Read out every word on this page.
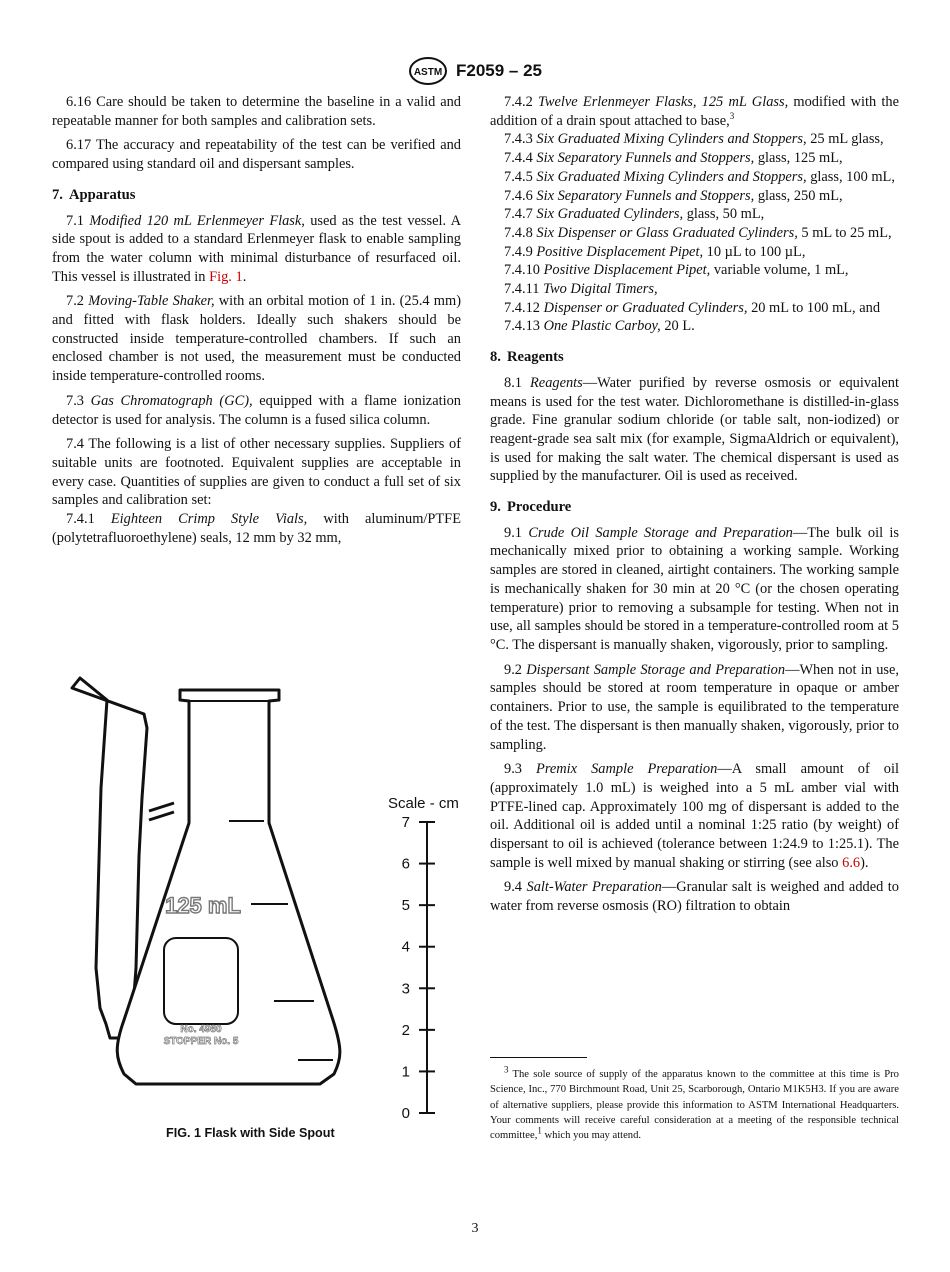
ASTM F2059 – 25

6.16 Care should be taken to determine the baseline in a valid and repeatable manner for both samples and calibration sets.

6.17 The accuracy and repeatability of the test can be verified and compared using standard oil and dispersant samples.

7. Apparatus

7.1 Modified 120 mL Erlenmeyer Flask, used as the test vessel. A side spout is added to a standard Erlenmeyer flask to enable sampling from the water column with minimal disturbance of resurfaced oil. This vessel is illustrated in Fig. 1.

7.2 Moving-Table Shaker, with an orbital motion of 1 in. (25.4 mm) and fitted with flask holders. Ideally such shakers should be constructed inside temperature-controlled chambers. If such an enclosed chamber is not used, the measurement must be conducted inside temperature-controlled rooms.

7.3 Gas Chromatograph (GC), equipped with a flame ionization detector is used for analysis. The column is a fused silica column.

7.4 The following is a list of other necessary supplies. Suppliers of suitable units are footnoted. Equivalent supplies are acceptable in every case. Quantities of supplies are given to conduct a full set of six samples and calibration set:

7.4.1 Eighteen Crimp Style Vials, with aluminum/PTFE (polytetrafluoroethylene) seals, 12 mm by 32 mm,

125 mL
No. 4980
STOPPER No. 5
Scale - cm
7
6
5
4
3
2
1
0
FIG. 1 Flask with Side Spout

7.4.2 Twelve Erlenmeyer Flasks, 125 mL Glass, modified with the addition of a drain spout attached to base,$^3$

7.4.3 Six Graduated Mixing Cylinders and Stoppers, 25 mL glass,

7.4.4 Six Separatory Funnels and Stoppers, glass, 125 mL,

7.4.5 Six Graduated Mixing Cylinders and Stoppers, glass, 100 mL,

7.4.6 Six Separatory Funnels and Stoppers, glass, 250 mL,

7.4.7 Six Graduated Cylinders, glass, 50 mL,

7.4.8 Six Dispenser or Glass Graduated Cylinders, 5 mL to 25 mL,

7.4.9 Positive Displacement Pipet, 10 µL to 100 µL,

7.4.10 Positive Displacement Pipet, variable volume, 1 mL,

7.4.11 Two Digital Timers,

7.4.12 Dispenser or Graduated Cylinders, 20 mL to 100 mL, and

7.4.13 One Plastic Carboy, 20 L.

8. Reagents

8.1 Reagents—Water purified by reverse osmosis or equivalent means is used for the test water. Dichloromethane is distilled-in-glass grade. Fine granular sodium chloride (or table salt, non-iodized) or reagent-grade sea salt mix (for example, SigmaAldrich or equivalent), is used for making the salt water. The chemical dispersant is used as supplied by the manufacturer. Oil is used as received.

9. Procedure

9.1 Crude Oil Sample Storage and Preparation—The bulk oil is mechanically mixed prior to obtaining a working sample. Working samples are stored in cleaned, airtight containers. The working sample is mechanically shaken for 30 min at 20 °C (or the chosen operating temperature) prior to removing a subsample for testing. When not in use, all samples should be stored in a temperature-controlled room at 5 °C. The dispersant is manually shaken, vigorously, prior to sampling.

9.2 Dispersant Sample Storage and Preparation—When not in use, samples should be stored at room temperature in opaque or amber containers. Prior to use, the sample is equilibrated to the temperature of the test. The dispersant is then manually shaken, vigorously, prior to sampling.

9.3 Premix Sample Preparation—A small amount of oil (approximately 1.0 mL) is weighed into a 5 mL amber vial with PTFE-lined cap. Approximately 100 mg of dispersant is added to the oil. Additional oil is added until a nominal 1:25 ratio (by weight) of dispersant to oil is achieved (tolerance between 1:24.9 to 1:25.1). The sample is well mixed by manual shaking or stirring (see also 6.6).

9.4 Salt-Water Preparation—Granular salt is weighed and added to water from reverse osmosis (RO) filtration to obtain

$^3$ The sole source of supply of the apparatus known to the committee at this time is Pro Science, Inc., 770 Birchmount Road, Unit 25, Scarborough, Ontario M1K5H3. If you are aware of alternative suppliers, please provide this information to ASTM International Headquarters. Your comments will receive careful consideration at a meeting of the responsible technical committee,$^1$ which you may attend.
3
